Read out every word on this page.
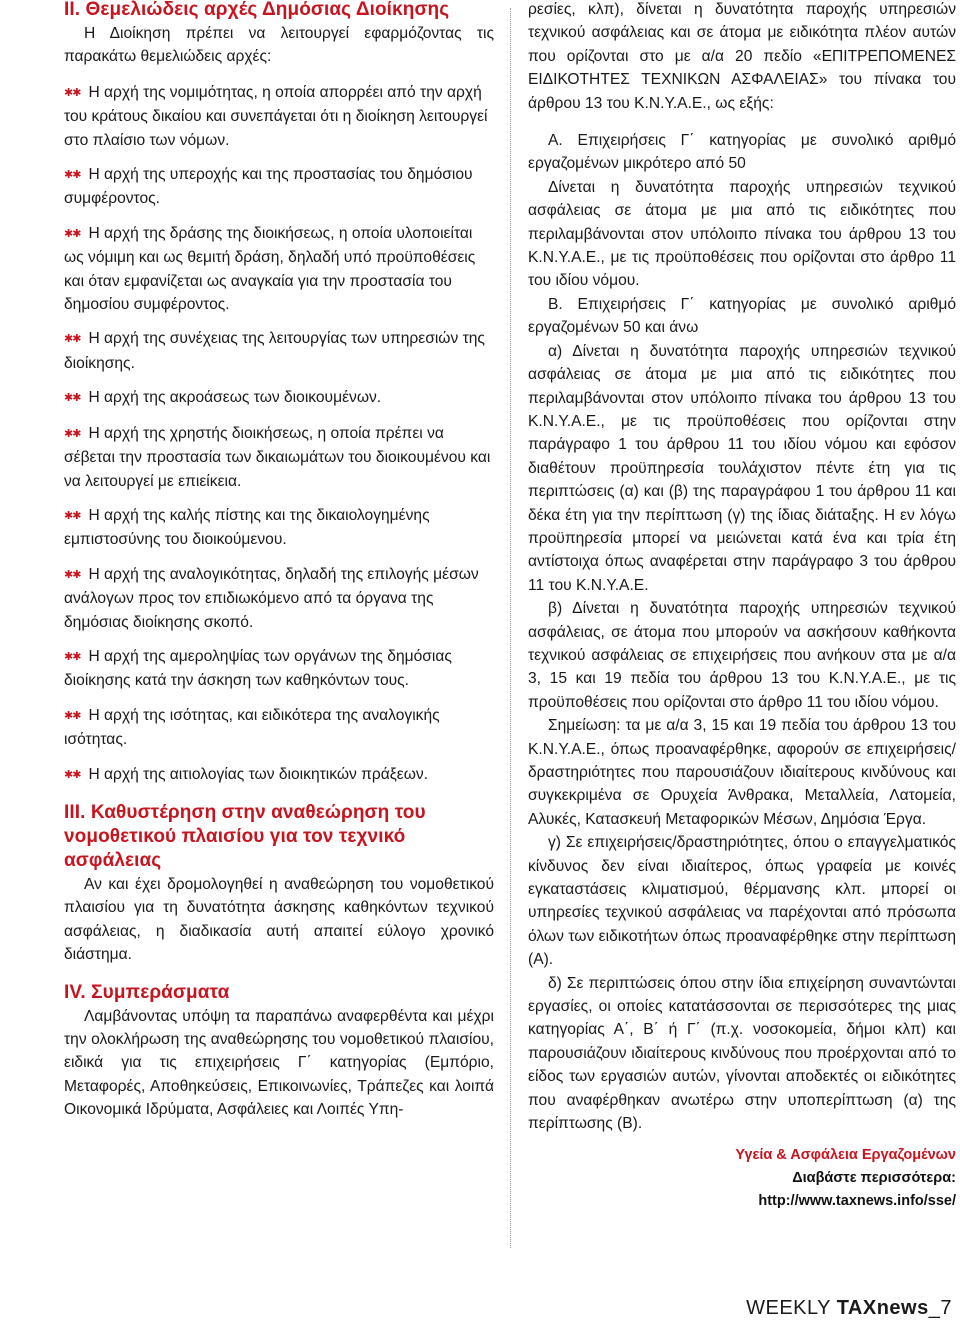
II. Θεμελιώδεις αρχές Δημόσιας Διοίκησης

Η Διοίκηση πρέπει να λειτουργεί εφαρμόζοντας τις παρακάτω θεμελιώδεις αρχές:

✱✱ Η αρχή της νομιμότητας, η οποία απορρέει από την αρχή του κράτους δικαίου και συνεπάγεται ότι η διοίκηση λειτουργεί στο πλαίσιο των νόμων.

✱✱ Η αρχή της υπεροχής και της προστασίας του δημόσιου συμφέροντος.

✱✱ Η αρχή της δράσης της διοικήσεως, η οποία υλοποιείται ως νόμιμη και ως θεμιτή δράση, δηλαδή υπό προϋποθέσεις και όταν εμφανίζεται ως αναγκαία για την προστασία του δημοσίου συμφέροντος.

✱✱ Η αρχή της συνέχειας της λειτουργίας των υπηρεσιών της διοίκησης.

✱✱ Η αρχή της ακροάσεως των διοικουμένων.

✱✱ Η αρχή της χρηστής διοικήσεως, η οποία πρέπει να σέβεται την προστασία των δικαιωμάτων του διοικουμένου και να λειτουργεί με επιείκεια.

✱✱ Η αρχή της καλής πίστης και της δικαιολογημένης εμπιστοσύνης του διοικούμενου.

✱✱ Η αρχή της αναλογικότητας, δηλαδή της επιλογής μέσων ανάλογων προς τον επιδιωκόμενο από τα όργανα της δημόσιας διοίκησης σκοπό.

✱✱ Η αρχή της αμεροληψίας των οργάνων της δημόσιας διοίκησης κατά την άσκηση των καθηκόντων τους.

✱✱ Η αρχή της ισότητας, και ειδικότερα της αναλογικής ισότητας.

✱✱ Η αρχή της αιτιολογίας των διοικητικών πράξεων.

III. Καθυστέρηση στην αναθεώρηση του νομοθετικού πλαισίου για τον τεχνικό ασφάλειας

Αν και έχει δρομολογηθεί η αναθεώρηση του νομοθετικού πλαισίου για τη δυνατότητα άσκησης καθηκόντων τεχνικού ασφάλειας, η διαδικασία αυτή απαιτεί εύλογο χρονικό διάστημα.

IV. Συμπεράσματα

Λαμβάνοντας υπόψη τα παραπάνω αναφερθέντα και μέχρι την ολοκλήρωση της αναθεώρησης του νομοθετικού πλαισίου, ειδικά για τις επιχειρήσεις Γ΄ κατηγορίας (Εμπόριο, Μεταφορές, Αποθηκεύσεις, Επικοινωνίες, Τράπεζες και λοιπά Οικονομικά Ιδρύματα, Ασφάλειες και Λοιπές Υπη-

ρεσίες, κλπ), δίνεται η δυνατότητα παροχής υπηρεσιών τεχνικού ασφάλειας και σε άτομα με ειδικότητα πλέον αυτών που ορίζονται στο με α/α 20 πεδίο «ΕΠΙΤΡΕΠΟΜΕΝΕΣ ΕΙΔΙΚΟΤΗΤΕΣ ΤΕΧΝΙΚΩΝ ΑΣΦΑΛΕΙΑΣ» του πίνακα του άρθρου 13 του Κ.Ν.Υ.Α.Ε., ως εξής:

Α. Επιχειρήσεις Γ΄ κατηγορίας με συνολικό αριθμό εργαζομένων μικρότερο από 50

Δίνεται η δυνατότητα παροχής υπηρεσιών τεχνικού ασφάλειας σε άτομα με μια από τις ειδικότητες που περιλαμβάνονται στον υπόλοιπο πίνακα του άρθρου 13 του Κ.Ν.Υ.Α.Ε., με τις προϋποθέσεις που ορίζονται στο άρθρο 11 του ιδίου νόμου.

Β. Επιχειρήσεις Γ΄ κατηγορίας με συνολικό αριθμό εργαζομένων 50 και άνω

α) Δίνεται η δυνατότητα παροχής υπηρεσιών τεχνικού ασφάλειας σε άτομα με μια από τις ειδικότητες που περιλαμβάνονται στον υπόλοιπο πίνακα του άρθρου 13 του Κ.Ν.Υ.Α.Ε., με τις προϋποθέσεις που ορίζονται στην παράγραφο 1 του άρθρου 11 του ιδίου νόμου και εφόσον διαθέτουν προϋπηρεσία τουλάχιστον πέντε έτη για τις περιπτώσεις (α) και (β) της παραγράφου 1 του άρθρου 11 και δέκα έτη για την περίπτωση (γ) της ίδιας διάταξης. Η εν λόγω προϋπηρεσία μπορεί να μειώνεται κατά ένα και τρία έτη αντίστοιχα όπως αναφέρεται στην παράγραφο 3 του άρθρου 11 του Κ.Ν.Υ.Α.Ε.

β) Δίνεται η δυνατότητα παροχής υπηρεσιών τεχνικού ασφάλειας, σε άτομα που μπορούν να ασκήσουν καθήκοντα τεχνικού ασφάλειας σε επιχειρήσεις που ανήκουν στα με α/α 3, 15 και 19 πεδία του άρθρου 13 του Κ.Ν.Υ.Α.Ε., με τις προϋποθέσεις που ορίζονται στο άρθρο 11 του ιδίου νόμου.

Σημείωση: τα με α/α 3, 15 και 19 πεδία του άρθρου 13 του Κ.Ν.Υ.Α.Ε., όπως προαναφέρθηκε, αφορούν σε επιχειρήσεις/δραστηριότητες που παρουσιάζουν ιδιαίτερους κινδύνους και συγκεκριμένα σε Ορυχεία Άνθρακα, Μεταλλεία, Λατομεία, Αλυκές, Κατασκευή Μεταφορικών Μέσων, Δημόσια Έργα.

γ) Σε επιχειρήσεις/δραστηριότητες, όπου ο επαγγελματικός κίνδυνος δεν είναι ιδιαίτερος, όπως γραφεία με κοινές εγκαταστάσεις κλιματισμού, θέρμανσης κλπ. μπορεί οι υπηρεσίες τεχνικού ασφάλειας να παρέχονται από πρόσωπα όλων των ειδικοτήτων όπως προαναφέρθηκε στην περίπτωση (Α).

δ) Σε περιπτώσεις όπου στην ίδια επιχείρηση συναντώνται εργασίες, οι οποίες κατατάσσονται σε περισσότερες της μιας κατηγορίας Α΄, Β΄ ή Γ΄ (π.χ. νοσοκομεία, δήμοι κλπ) και παρουσιάζουν ιδιαίτερους κινδύνους που προέρχονται από το είδος των εργασιών αυτών, γίνονται αποδεκτές οι ειδικότητες που αναφέρθηκαν ανωτέρω στην υποπερίπτωση (α) της περίπτωσης (Β).

Υγεία & Ασφάλεια Εργαζομένων

Διαβάστε περισσότερα:

http://www.taxnews.info/sse/

WEEKLY TAXnews_7
